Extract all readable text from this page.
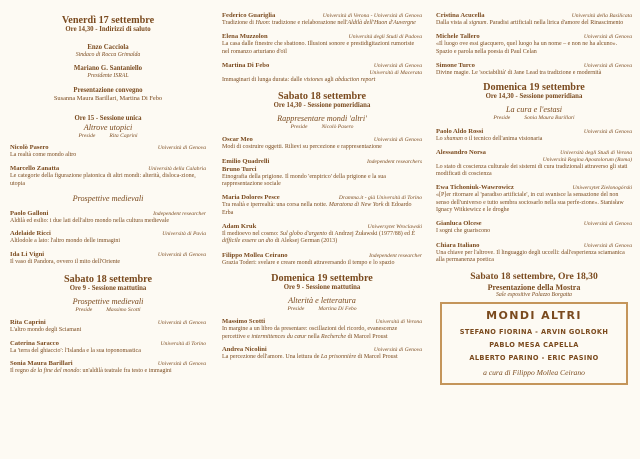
Venerdì 17 settembre
Ore 14,30 - Indirizzi di saluto
Enzo Cacciola
Sindaco di Rocca Grimalda
Mariano G. Santaniello
Presidente ISRAL
Presentazione convegno
Susanna Maura Barillari, Martina Di Febo
Ore 15 - Sessione unica
Altrove utopici
Preside	Rita Caprini
Nicolò Pasero	Università di Genova
La realtà come mondo altro
Marcello Zanatta	Università della Calabria
Le categorie della figurazione platonica di altri mondi: alterità, disloca-zione, utopia
Prospettive medievali
Paolo Galloni	Independent researcher
Aldilà ed esilio: i due lati dell'altro mondo nella cultura medievale
Adelaide Ricci	Università di Pavia
Altlodole a lato: l'altro mondo delle immagini
Ida Li Vigni	Università di Genova
Il vaso di Pandora, ovvero il mito dell'Oriente
Sabato 18 settembre
Ore 9 - Sessione mattutina
Prospettive medievali
Preside	Massimo Scotti
Rita Caprini	Università di Genova
L'altro mondo degli Sciamani
Caterina Saracco	Università di Torino
La 'terra del ghiaccio': l'Islanda e la sua toponomastica
Sonia Maura Barillari	Università di Genova
Il regno de la fine del mondo: un'aldilà teatrale fra testo e immagini
Federico Guariglia	Università di Verona - Università di Genova
Tradizione di Huon: tradizione e rielaborazione nell'Aldilà dell'Huon d'Auvergne
Elena Muzzolon	Università degli Studi di Padova
La casa dalle finestre che sbattono. Illusioni sonore e prestidigitazioni rumoriste nel romanzo arturiano d'oïl
Martina Di Febo	Università di Genova
Università di Macerata
Immaginari di lunga durata: dalle visiones agli abduction report
Sabato 18 settembre
Ore 14,30 - Sessione pomeridiana
Rappresentare mondi 'altri'
Preside	Nicolò Pasero
Oscar Meo	Università di Genova
Modi di costruire oggetti. Rilievi su percezione e rappresentazione
Emilio Quadrelli	Independent researchers
Bruno Turci
Etnografia della prigione. Il mondo 'empirico' della prigione e la sua rappresentazione sociale
Maria Dolores Pesce	Dramma.it - già Università di Torino
Tra realtà e iperrealtà: una corsa nella notte. Maratona di New York di Edoardo Erba
Adam Kruk	Uniwersytet Wroclawski
Il medioevo nel cosmo: Sul globo d'argento di Andrzej Żuławski (1977/88) ed È difficile essere un dio di Aleksej German (2013)
Filippo Mollea Ceirano	Independent researcher
Grazia Toderi: svelare e creare mondi attraversando il tempo e lo spazio
Domenica 19 settembre
Ore 9 - Sessione mattutina
Alterità e letteratura
Preside	Martina Di Febo
Massimo Scotti	Università di Verona
In margine a un libro da presentare: oscillazioni del ricordo, evanescenze percettive e intermittences du cœur nella Recherche di Marcel Proust
Andrea Nicolini	Università di Genova
La percezione dell'amore. Una lettura de La prisonnière di Marcel Proust
Cristina Acucella	Università della Basilicata
Dalla vista al signum. Paradisi artificiali nella lirica d'amore del Rinascimento
Michele Tallero	Università di Genova
«Il luogo ove essi giacquero, quel luogo ha un nome – e non ne ha alcuno». Spazio e parola nella poesia di Paul Celan
Simone Turco	Università di Genova
Divine magie. Le 'sociabilità' di Jane Lead tra tradizione e modernità
Domenica 19 settembre
Ore 14,30 - Sessione pomeridiana
La cura e l'estasi
Preside	Sonia Maura Barillari
Paolo Aldo Rossi	Università di Genova
Lo shaman o il tecnico dell'anima visionaria
Alessandro Norsa	Università degli Studi di Verona
Università Regina Apostolorum (Roma)
Lo stato di coscienza culturale dei sistemi di cura tradizionali attraverso gli stati modificati di coscienza
Ewa Tichoniuk-Wawrowicz	Uniwersytet Zielonogórski
«[P]er ritornare al 'paradiso artificiale', in cui svanisce la sensazione del non senso dell'universo e tutto sembra sociosarlo nella sua perfe-zione». Stanisław Ignacy Witkiewicz e le droghe
Gianluca Olcese	Università di Genova
I sogni che guariscono
Chiara Italiano	Università di Genova
Una chiave per l'altrove. Il linguaggio degli uccelli: dall'esperienza sciamanica alla permanenza poetica
Sabato 18 settembre, Ore 18,30
Presentazione della Mostra
Sale espositive Palazzo Borgatta
MONDI ALTRI
STEFANO FIORINA - ARVIN GOLROKH
PABLO MESA CAPELLA
ALBERTO PARINO - ERIC PASINO
a cura di Filippo Mollea Ceirano
